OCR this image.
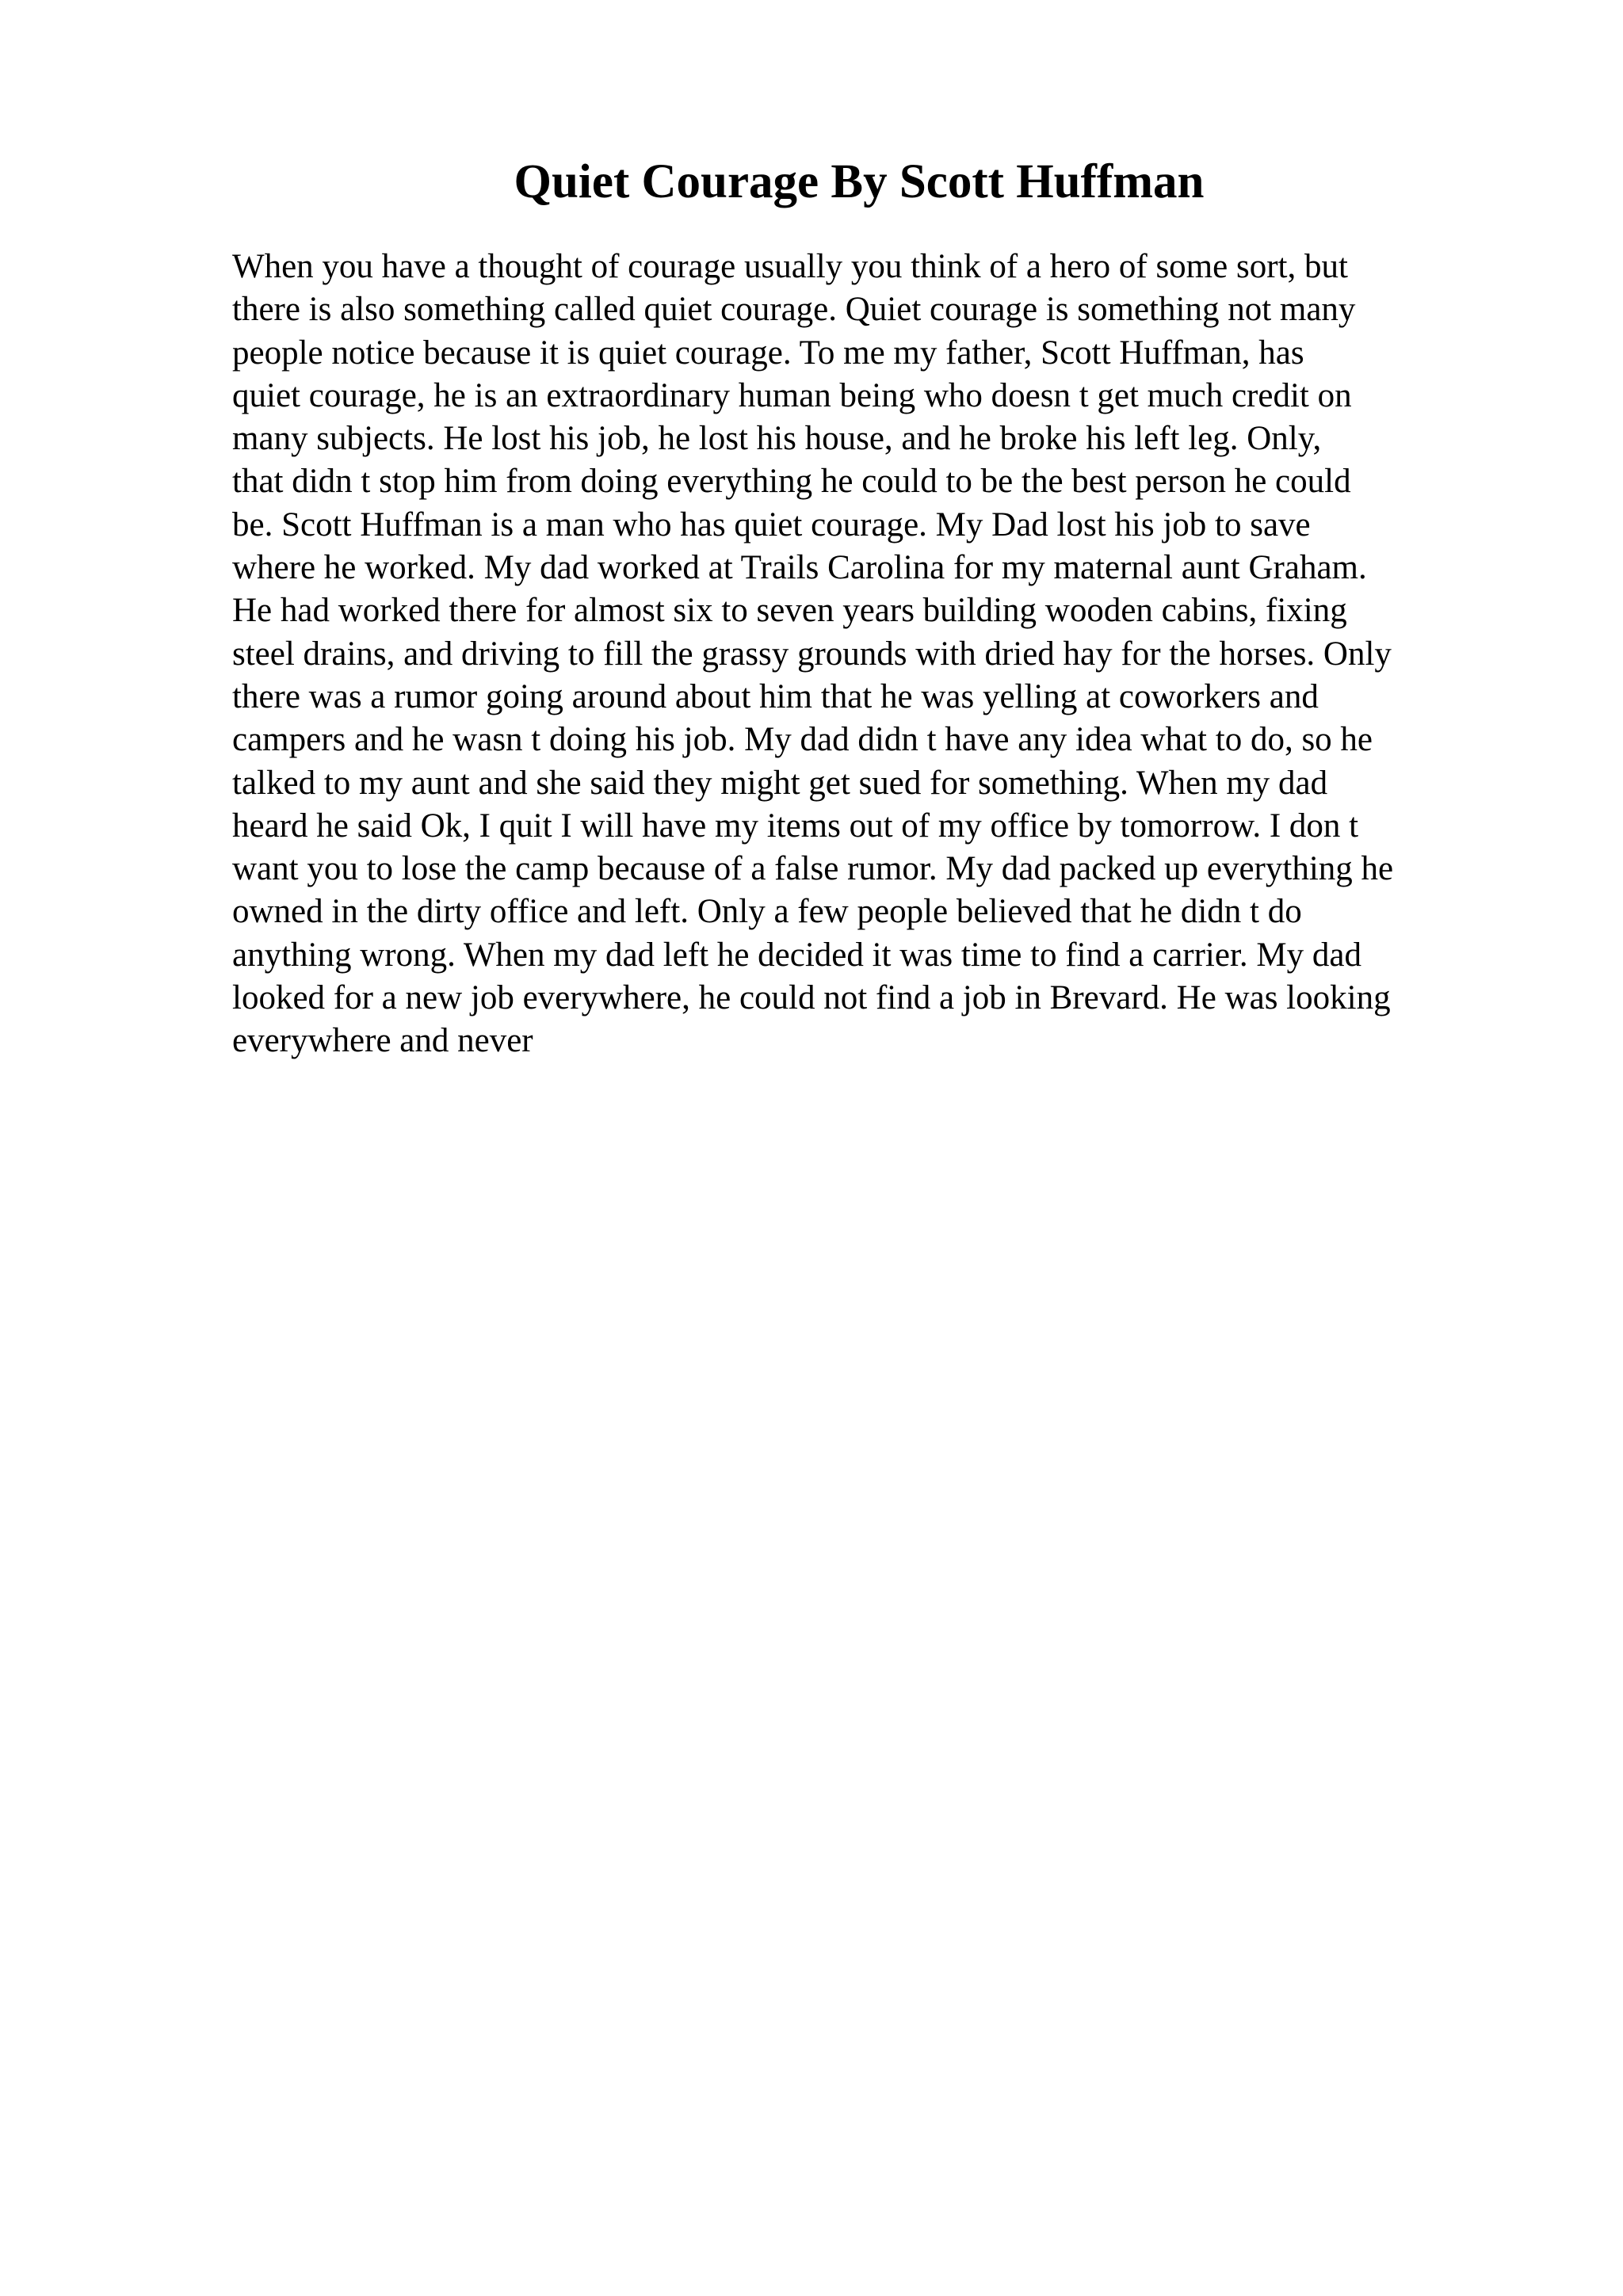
Quiet Courage By Scott Huffman
When you have a thought of courage usually you think of a hero of some sort, but
there is also something called quiet courage. Quiet courage is something not many
people notice because it is quiet courage. To me my father, Scott Huffman, has
quiet courage, he is an extraordinary human being who doesn t get much credit on
many subjects. He lost his job, he lost his house, and he broke his left leg. Only,
that didn t stop him from doing everything he could to be the best person he could
be. Scott Huffman is a man who has quiet courage. My Dad lost his job to save
where he worked. My dad worked at Trails Carolina for my maternal aunt Graham.
He had worked there for almost six to seven years building wooden cabins, fixing
steel drains, and driving to fill the grassy grounds with dried hay for the horses. Only
there was a rumor going around about him that he was yelling at coworkers and
campers and he wasn t doing his job. My dad didn t have any idea what to do, so he
talked to my aunt and she said they might get sued for something. When my dad
heard he said Ok, I quit I will have my items out of my office by tomorrow. I don t
want you to lose the camp because of a false rumor. My dad packed up everything he
owned in the dirty office and left. Only a few people believed that he didn t do
anything wrong. When my dad left he decided it was time to find a carrier. My dad
looked for a new job everywhere, he could not find a job in Brevard. He was looking
everywhere and never
